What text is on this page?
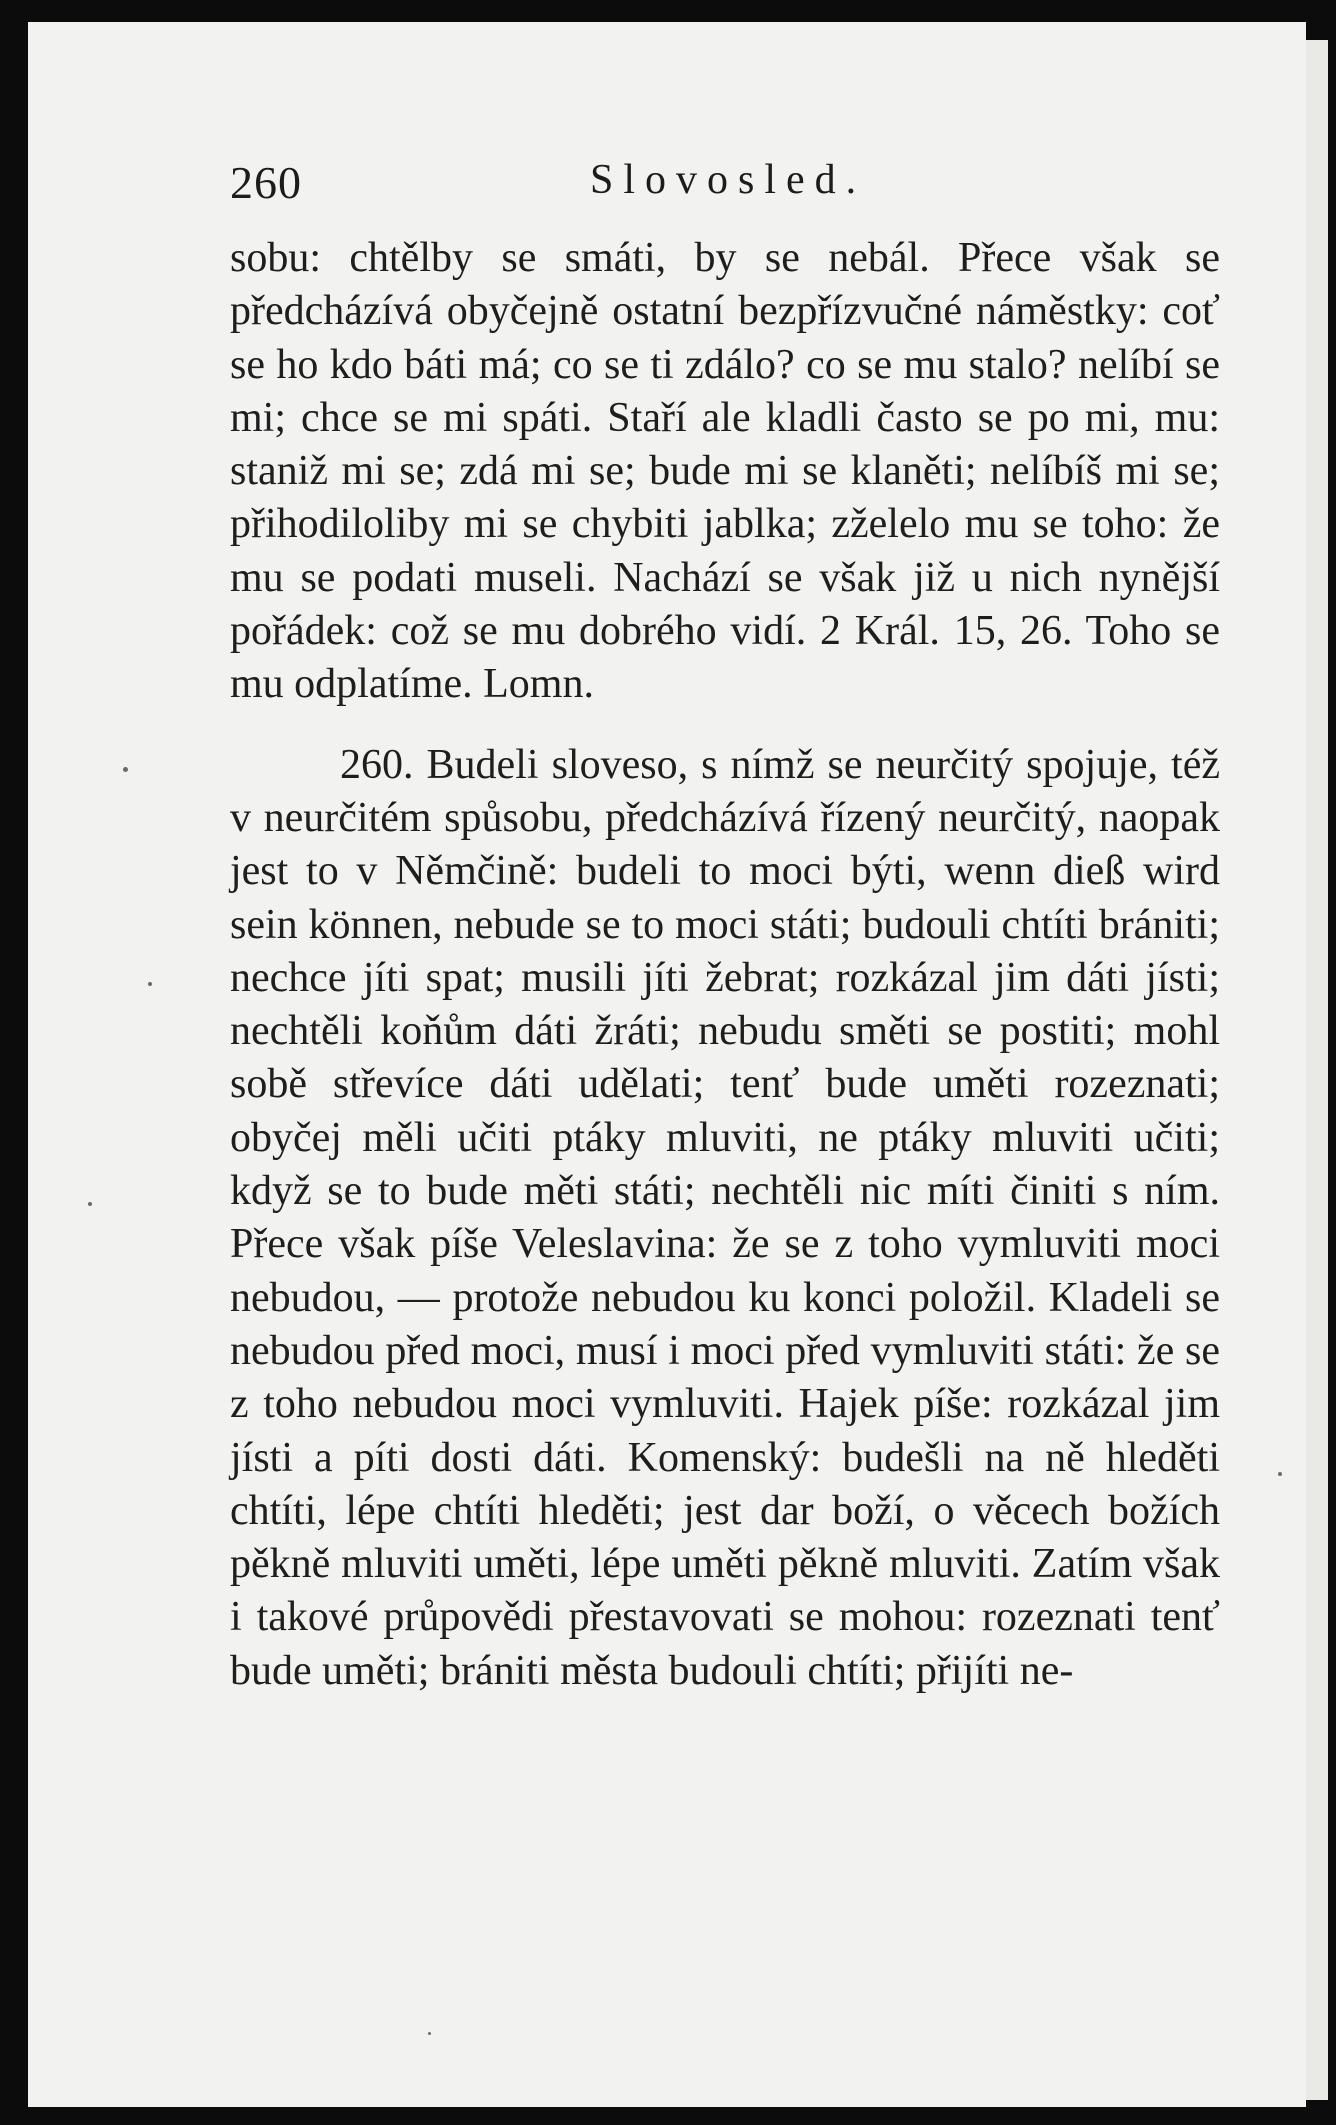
260	Slovosled.

sobu: chtělby se smáti, by se nebál. Přece však se předcházívá obyčejně ostatní bezpřízvučné náměstky: coť se ho kdo báti má; co se ti zdálo? co se mu stalo? nelíbí se mi; chce se mi spáti. Staří ale kladli často se po mi, mu: staniž mi se; zdá mi se; bude mi se klaněti; nelíbíš mi se; přihodiloliby mi se chybiti jablka; zželelo mu se toho: že mu se podati museli. Nachází se však již u nich nynější pořádek: což se mu dobrého vidí. 2 Král. 15, 26. Toho se mu odplatíme. Lomn.

260. Budeli sloveso, s nímž se neurčitý spojuje, též v neurčitém spůsobu, předcházívá řízený neurčitý, naopak jest to v Němčině: budeli to moci býti, wenn dieß wird sein können, nebude se to moci státi; budouli chtíti brániti; nechce jíti spat; musili jíti žebrat; rozkázal jim dáti jísti; nechtěli koňům dáti žráti; nebudu směti se postiti; mohl sobě střevíce dáti udělati; tenť bude uměti rozeznati; obyčej měli učiti ptáky mluviti, ne ptáky mluviti učiti; když se to bude měti státi; nechtěli nic míti činiti s ním. Přece však píše Veleslavina: že se z toho vymluviti moci nebudou, — protože nebudou ku konci položil. Kladeli se nebudou před moci, musí i moci před vymluviti státi: že se z toho nebudou moci vymluviti. Hajek píše: rozkázal jim jísti a píti dosti dáti. Komenský: budešli na ně hleděti chtíti, lépe chtíti hleděti; jest dar boží, o věcech božích pěkně mluviti uměti, lépe uměti pěkně mluviti. Zatím však i takové průpovědi přestavovati se mohou: rozeznati tenť bude uměti; brániti města budouli chtíti; přijíti ne-
